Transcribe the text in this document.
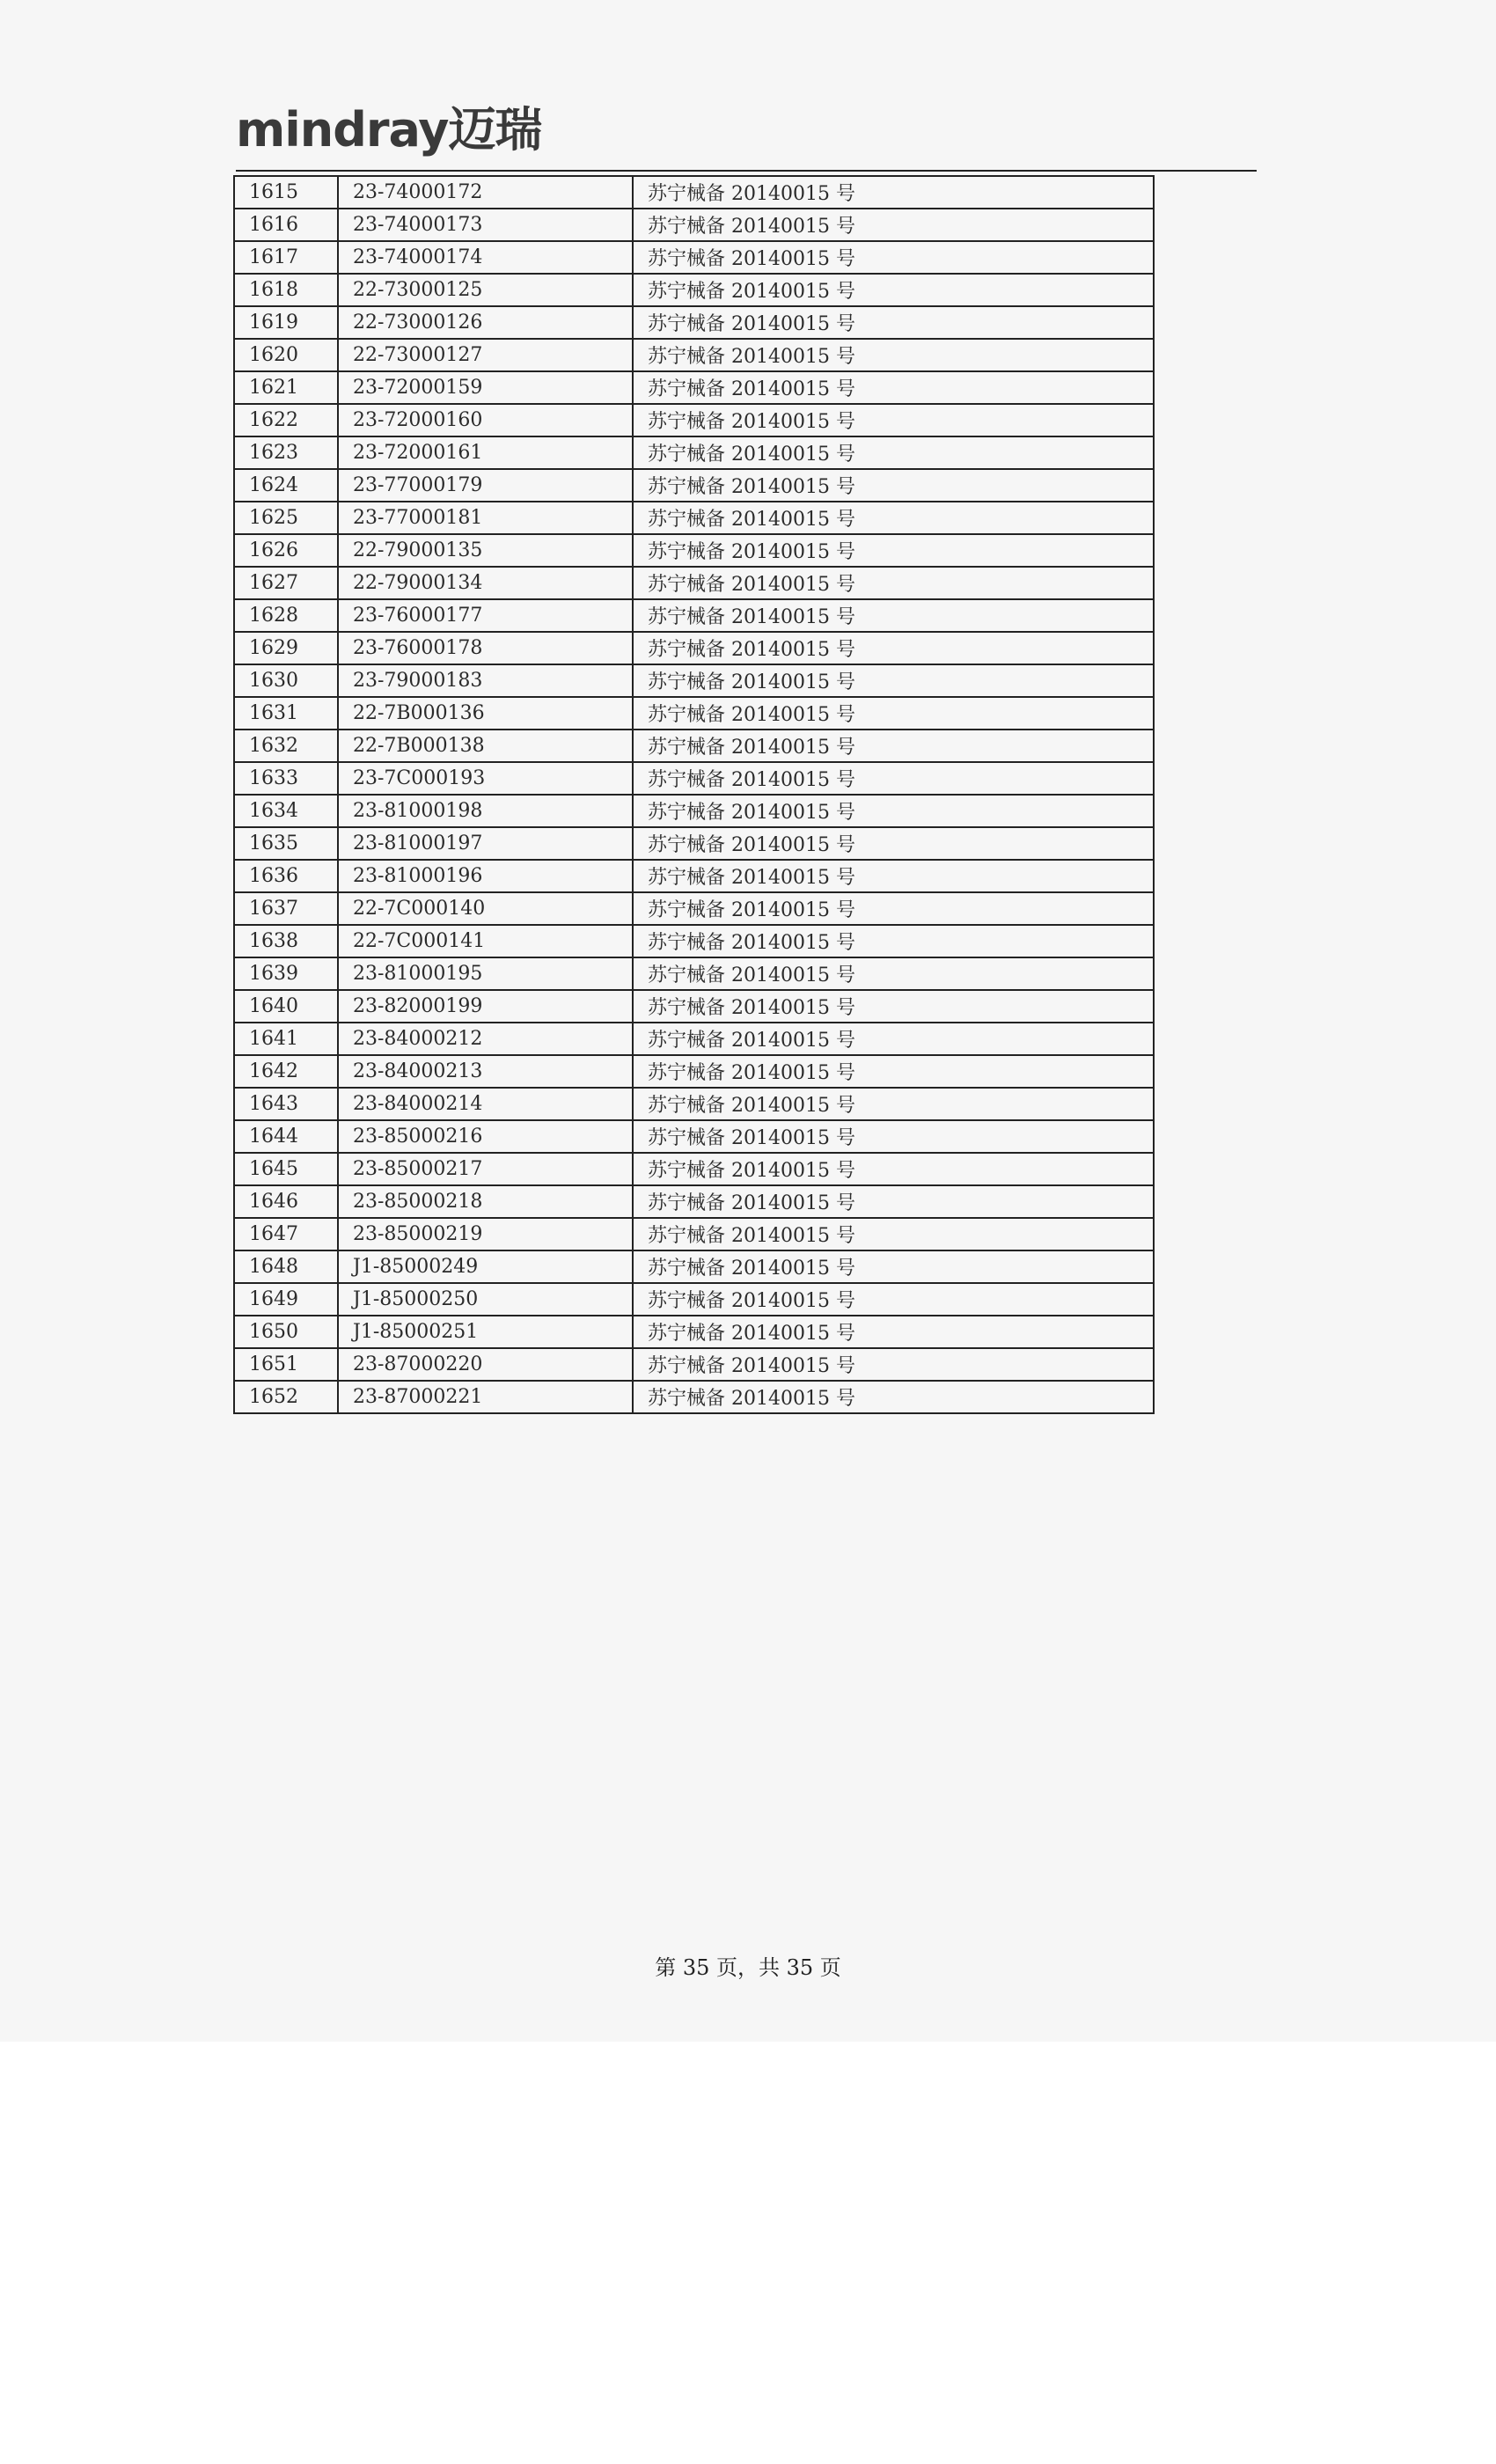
mindray迈瑞
1615	23-74000172	苏宁械备 20140015 号
1616	23-74000173	苏宁械备 20140015 号
1617	23-74000174	苏宁械备 20140015 号
1618	22-73000125	苏宁械备 20140015 号
1619	22-73000126	苏宁械备 20140015 号
1620	22-73000127	苏宁械备 20140015 号
1621	23-72000159	苏宁械备 20140015 号
1622	23-72000160	苏宁械备 20140015 号
1623	23-72000161	苏宁械备 20140015 号
1624	23-77000179	苏宁械备 20140015 号
1625	23-77000181	苏宁械备 20140015 号
1626	22-79000135	苏宁械备 20140015 号
1627	22-79000134	苏宁械备 20140015 号
1628	23-76000177	苏宁械备 20140015 号
1629	23-76000178	苏宁械备 20140015 号
1630	23-79000183	苏宁械备 20140015 号
1631	22-7B000136	苏宁械备 20140015 号
1632	22-7B000138	苏宁械备 20140015 号
1633	23-7C000193	苏宁械备 20140015 号
1634	23-81000198	苏宁械备 20140015 号
1635	23-81000197	苏宁械备 20140015 号
1636	23-81000196	苏宁械备 20140015 号
1637	22-7C000140	苏宁械备 20140015 号
1638	22-7C000141	苏宁械备 20140015 号
1639	23-81000195	苏宁械备 20140015 号
1640	23-82000199	苏宁械备 20140015 号
1641	23-84000212	苏宁械备 20140015 号
1642	23-84000213	苏宁械备 20140015 号
1643	23-84000214	苏宁械备 20140015 号
1644	23-85000216	苏宁械备 20140015 号
1645	23-85000217	苏宁械备 20140015 号
1646	23-85000218	苏宁械备 20140015 号
1647	23-85000219	苏宁械备 20140015 号
1648	J1-85000249	苏宁械备 20140015 号
1649	J1-85000250	苏宁械备 20140015 号
1650	J1-85000251	苏宁械备 20140015 号
1651	23-87000220	苏宁械备 20140015 号
1652	23-87000221	苏宁械备 20140015 号
第 35 页，共 35 页
